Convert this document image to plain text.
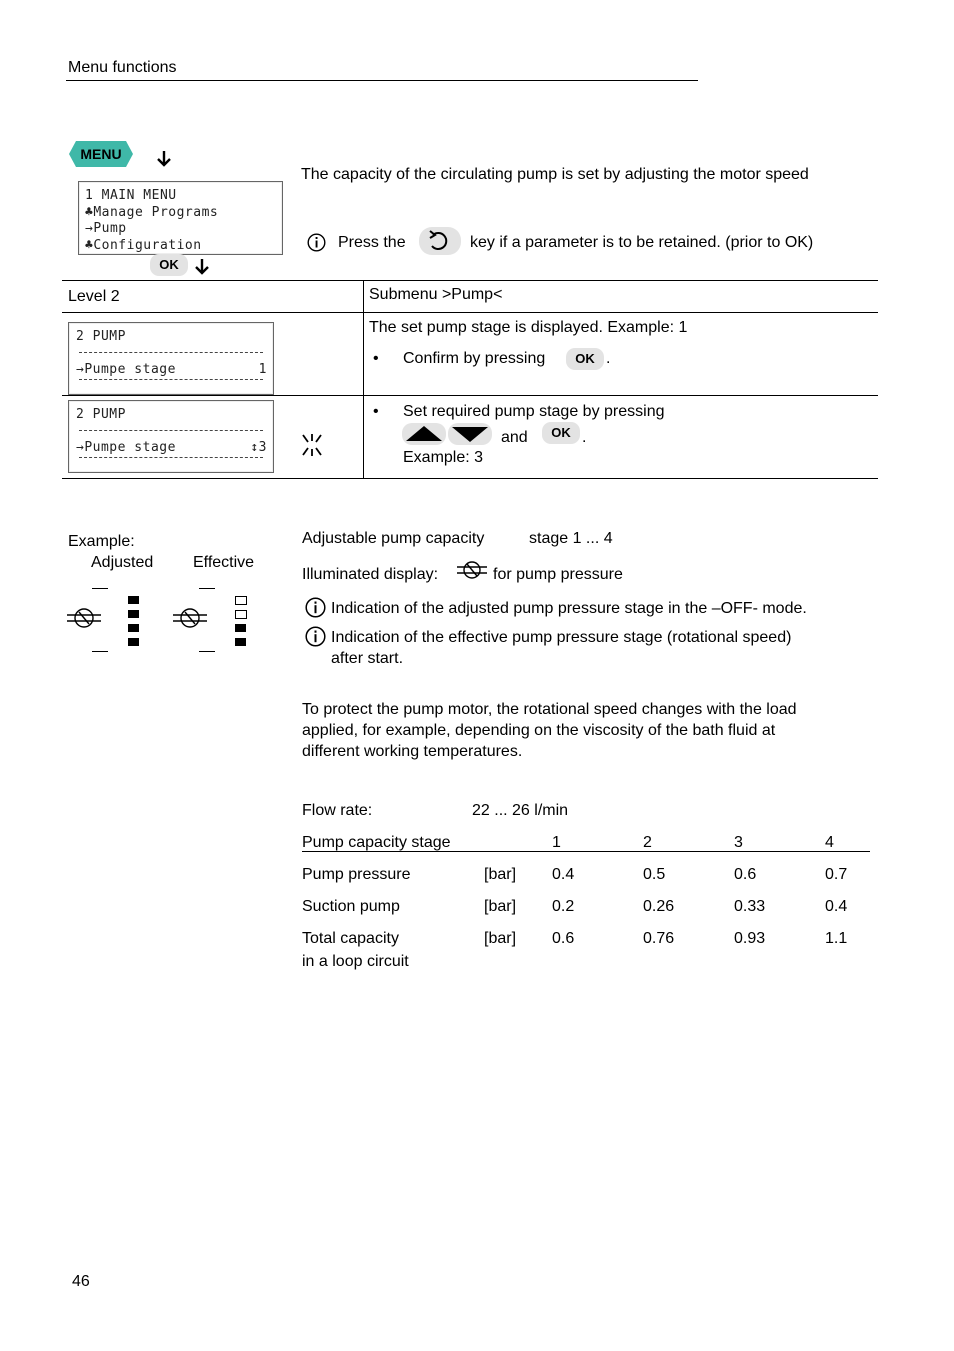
Menu functions
MENU
1 MAIN MENU
♣Manage Programs
→Pump
♣Configuration
OK
The capacity of the circulating pump is set by adjusting the motor speed
Press the	key if a parameter is to be retained. (prior to OK)
Level 2	Submenu >Pump<
2 PUMP
→Pumpe stage	1
The set pump stage is displayed. Example: 1
• Confirm by pressing	OK .
2 PUMP
→Pumpe stage	↕3
• Set required pump stage by pressing
and	OK .
Example: 3
Example:
Adjusted Effective
Adjustable pump capacity	stage 1 ... 4
Illuminated display:	for pump pressure
Indication of the adjusted pump pressure stage in the –OFF- mode.
Indication of the effective pump pressure stage (rotational speed)
after start.
To protect the pump motor, the rotational speed changes with the load
applied, for example, depending on the viscosity of the bath fluid at
different working temperatures.
Flow rate:	22 ... 26 l/min
Pump capacity stage	1	2	3	4
Pump pressure	[bar] 0.4	0.5	0.6	0.7
Suction pump	[bar] 0.2	0.26	0.33	0.4
Total capacity
in a loop circuit
[bar] 0.6	0.76	0.93	1.1
46
